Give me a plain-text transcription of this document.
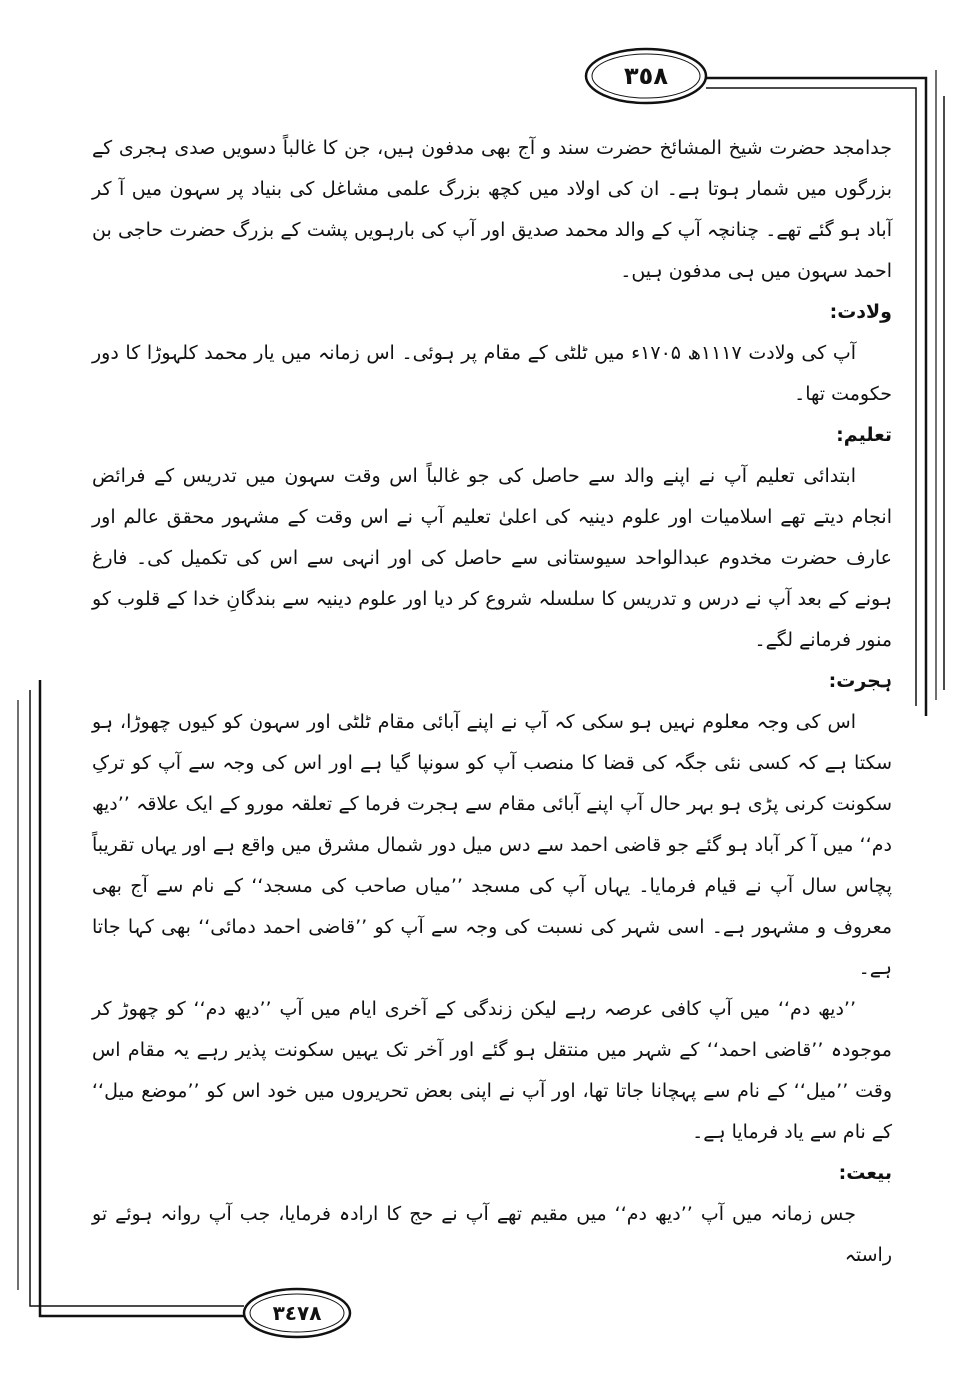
٣٥٨
٣٤٧٨

جدامجد حضرت شیخ المشائخ حضرت سند و آج بھی مدفون ہیں، جن کا غالباً دسویں صدی ہجری کے بزرگوں میں شمار ہوتا ہے۔ ان کی اولاد میں کچھ بزرگ علمی مشاغل کی بنیاد پر سہون میں آ کر آباد ہو گئے تھے۔ چنانچہ آپ کے والد محمد صدیق اور آپ کی بارہویں پشت کے بزرگ حضرت حاجی بن احمد سہون میں ہی مدفون ہیں۔

ولادت:

آپ کی ولادت ۱۱۱۷ھ ۱۷۰۵ء میں ٹلٹی کے مقام پر ہوئی۔ اس زمانہ میں یار محمد کلہوڑا کا دور حکومت تھا۔

تعلیم:

ابتدائی تعلیم آپ نے اپنے والد سے حاصل کی جو غالباً اس وقت سہون میں تدریس کے فرائض انجام دیتے تھے اسلامیات اور علوم دینیہ کی اعلیٰ تعلیم آپ نے اس وقت کے مشہور محقق عالم اور عارف حضرت مخدوم عبدالواحد سیوستانی سے حاصل کی اور انہی سے اس کی تکمیل کی۔ فارغ ہونے کے بعد آپ نے درس و تدریس کا سلسلہ شروع کر دیا اور علوم دینیہ سے بندگانِ خدا کے قلوب کو منور فرمانے لگے۔

ہجرت:

اس کی وجہ معلوم نہیں ہو سکی کہ آپ نے اپنے آبائی مقام ٹلٹی اور سہون کو کیوں چھوڑا، ہو سکتا ہے کہ کسی نئی جگہ کی قضا کا منصب آپ کو سونپا گیا ہے اور اس کی وجہ سے آپ کو ترکِ سکونت کرنی پڑی ہو بہر حال آپ اپنے آبائی مقام سے ہجرت فرما کے تعلقہ مورو کے ایک علاقہ ’’دیھ دم‘‘ میں آ کر آباد ہو گئے جو قاضی احمد سے دس میل دور شمال مشرق میں واقع ہے اور یہاں تقریباً پچاس سال آپ نے قیام فرمایا۔ یہاں آپ کی مسجد ’’میاں صاحب کی مسجد‘‘ کے نام سے آج بھی معروف و مشہور ہے۔ اسی شہر کی نسبت کی وجہ سے آپ کو ’’قاضی احمد دمائی‘‘ بھی کہا جاتا ہے۔

’’دیھ دم‘‘ میں آپ کافی عرصہ رہے لیکن زندگی کے آخری ایام میں آپ ’’دیھ دم‘‘ کو چھوڑ کر موجودہ ’’قاضی احمد‘‘ کے شہر میں منتقل ہو گئے اور آخر تک یہیں سکونت پذیر رہے یہ مقام اس وقت ’’میل‘‘ کے نام سے پہچانا جاتا تھا، اور آپ نے اپنی بعض تحریروں میں خود اس کو ’’موضع میل‘‘ کے نام سے یاد فرمایا ہے۔

بیعت:

جس زمانہ میں آپ ’’دیھ دم‘‘ میں مقیم تھے آپ نے حج کا ارادہ فرمایا، جب آپ روانہ ہوئے تو راستہ
